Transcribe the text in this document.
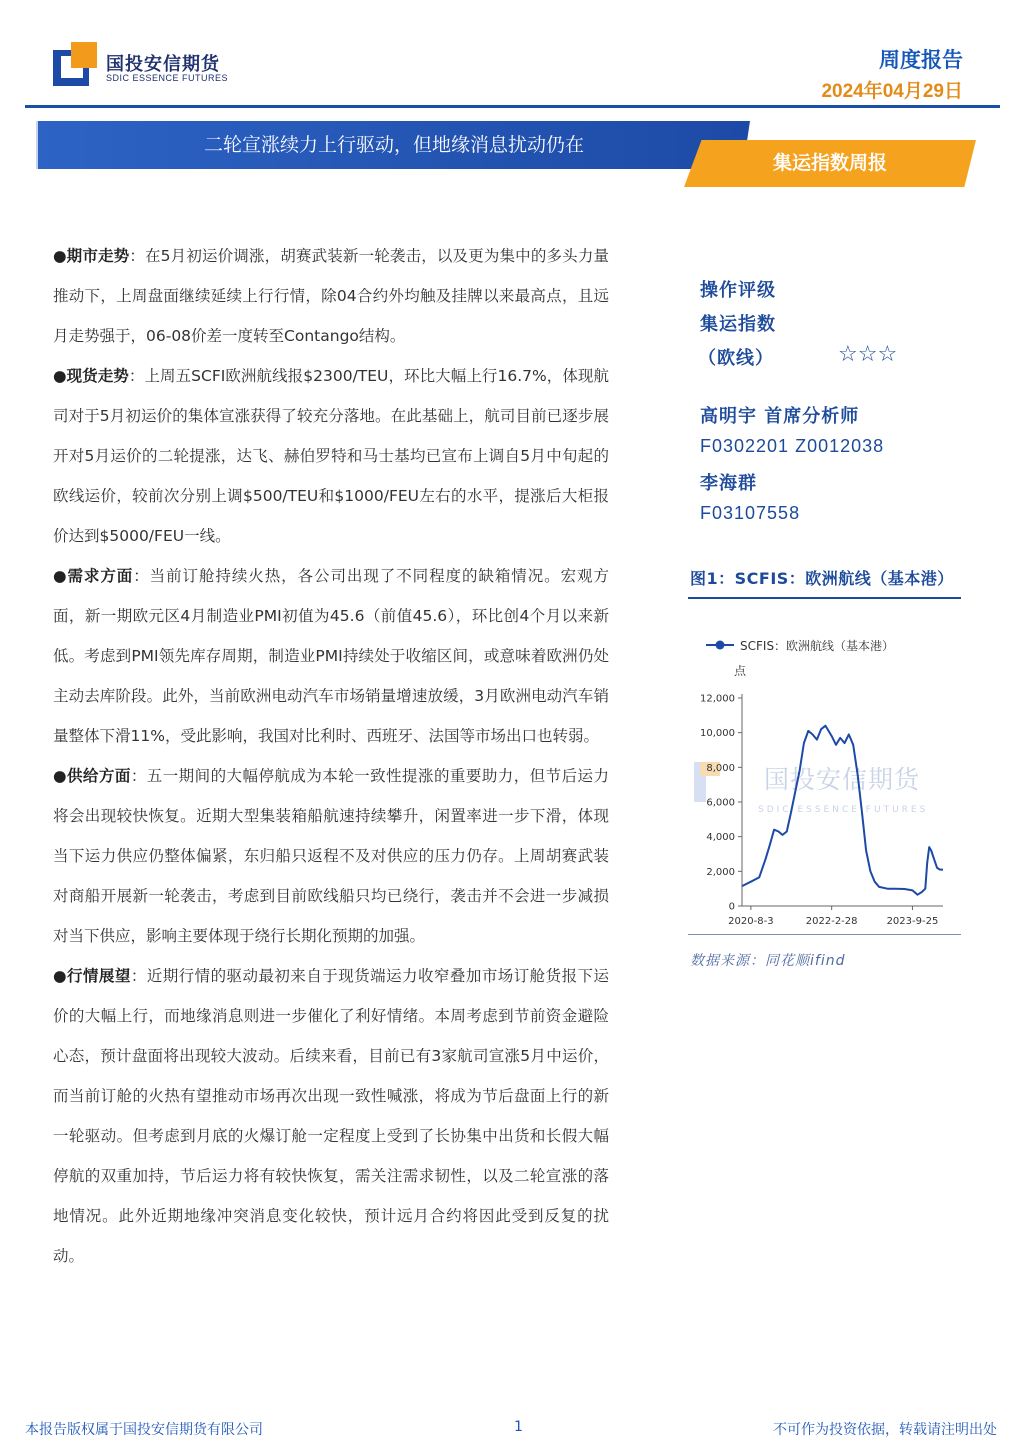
国投安信期货
SDIC ESSENCE FUTURES
周度报告
2024年04月29日
二轮宣涨续力上行驱动，但地缘消息扰动仍在
集运指数周报

●期市走势：在5月初运价调涨，胡赛武装新一轮袭击，以及更为集中的多头力量推动下，上周盘面继续延续上行行情，除04合约外均触及挂牌以来最高点，且远月走势强于，06-08价差一度转至Contango结构。

●现货走势：上周五SCFI欧洲航线报$2300/TEU，环比大幅上行16.7%，体现航司对于5月初运价的集体宣涨获得了较充分落地。在此基础上，航司目前已逐步展开对5月运价的二轮提涨，达飞、赫伯罗特和马士基均已宣布上调自5月中旬起的欧线运价，较前次分别上调$500/TEU和$1000/FEU左右的水平，提涨后大柜报价达到$5000/FEU一线。

●需求方面：当前订舱持续火热，各公司出现了不同程度的缺箱情况。宏观方面，新一期欧元区4月制造业PMI初值为45.6（前值45.6），环比创4个月以来新低。考虑到PMI领先库存周期，制造业PMI持续处于收缩区间，或意味着欧洲仍处主动去库阶段。此外，当前欧洲电动汽车市场销量增速放缓，3月欧洲电动汽车销量整体下滑11%，受此影响，我国对比利时、西班牙、法国等市场出口也转弱。

●供给方面：五一期间的大幅停航成为本轮一致性提涨的重要助力，但节后运力将会出现较快恢复。近期大型集装箱船航速持续攀升，闲置率进一步下滑，体现当下运力供应仍整体偏紧，东归船只返程不及对供应的压力仍存。上周胡赛武装对商船开展新一轮袭击，考虑到目前欧线船只均已绕行，袭击并不会进一步减损对当下供应，影响主要体现于绕行长期化预期的加强。

●行情展望：近期行情的驱动最初来自于现货端运力收窄叠加市场订舱货报下运价的大幅上行，而地缘消息则进一步催化了利好情绪。本周考虑到节前资金避险心态，预计盘面将出现较大波动。后续来看，目前已有3家航司宣涨5月中运价，而当前订舱的火热有望推动市场再次出现一致性喊涨，将成为节后盘面上行的新一轮驱动。但考虑到月底的火爆订舱一定程度上受到了长协集中出货和长假大幅停航的双重加持，节后运力将有较快恢复，需关注需求韧性，以及二轮宣涨的落地情况。此外近期地缘冲突消息变化较快，预计远月合约将因此受到反复的扰动。

操作评级
集运指数
（欧线）	☆☆☆
高明宇 首席分析师
F0302201 Z0012038
李海群
F03107558
图1：SCFIS：欧洲航线（基本港）
国投安信期货
SDIC ESSENCE FUTURES
SCFIS：欧洲航线（基本港）
点
0
2,000
4,000
6,000
8,000
10,000
12,000
2020-8-3	2022-2-28	2023-9-25
数据来源：同花顺ifind
本报告版权属于国投安信期货有限公司	1	不可作为投资依据，转载请注明出处
